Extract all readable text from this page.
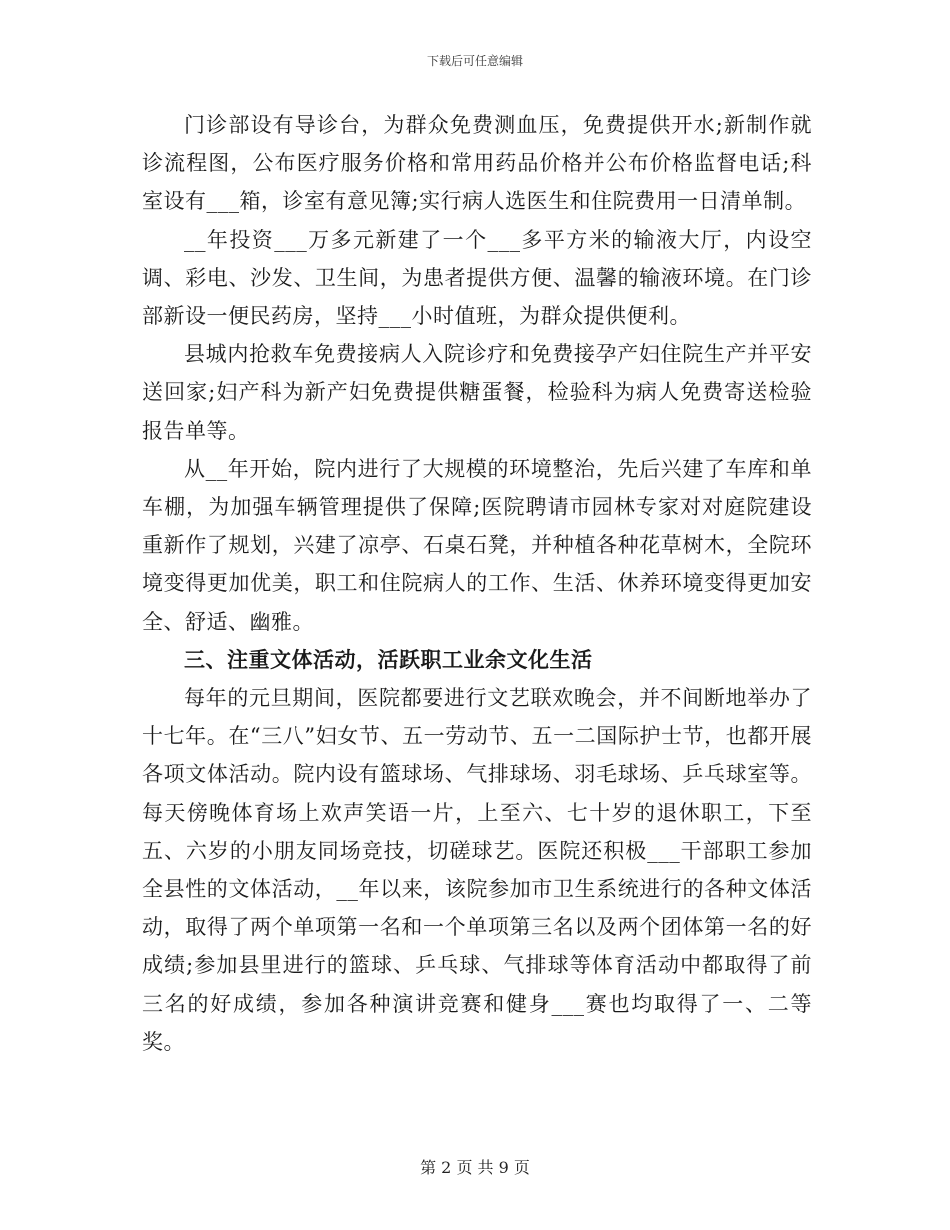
下载后可任意编辑

门诊部设有导诊台，为群众免费测血压，免费提供开水;新制作就诊流程图，公布医疗服务价格和常用药品价格并公布价格监督电话;科室设有___箱，诊室有意见簿;实行病人选医生和住院费用一日清单制。

__年投资___万多元新建了一个___多平方米的输液大厅，内设空调、彩电、沙发、卫生间，为患者提供方便、温馨的输液环境。在门诊部新设一便民药房，坚持___小时值班，为群众提供便利。

县城内抢救车免费接病人入院诊疗和免费接孕产妇住院生产并平安送回家;妇产科为新产妇免费提供糖蛋餐，检验科为病人免费寄送检验报告单等。

从__年开始，院内进行了大规模的环境整治，先后兴建了车库和单车棚，为加强车辆管理提供了保障;医院聘请市园林专家对对庭院建设重新作了规划，兴建了凉亭、石桌石凳，并种植各种花草树木，全院环境变得更加优美，职工和住院病人的工作、生活、休养环境变得更加安全、舒适、幽雅。

三、注重文体活动，活跃职工业余文化生活

每年的元旦期间，医院都要进行文艺联欢晚会，并不间断地举办了十七年。在“三八”妇女节、五一劳动节、五一二国际护士节，也都开展各项文体活动。院内设有篮球场、气排球场、羽毛球场、乒乓球室等。每天傍晚体育场上欢声笑语一片，上至六、七十岁的退休职工，下至五、六岁的小朋友同场竞技，切磋球艺。医院还积极___干部职工参加全县性的文体活动，__年以来，该院参加市卫生系统进行的各种文体活动，取得了两个单项第一名和一个单项第三名以及两个团体第一名的好成绩;参加县里进行的篮球、乒乓球、气排球等体育活动中都取得了前三名的好成绩，参加各种演讲竞赛和健身___赛也均取得了一、二等奖。

第 2 页 共 9 页
